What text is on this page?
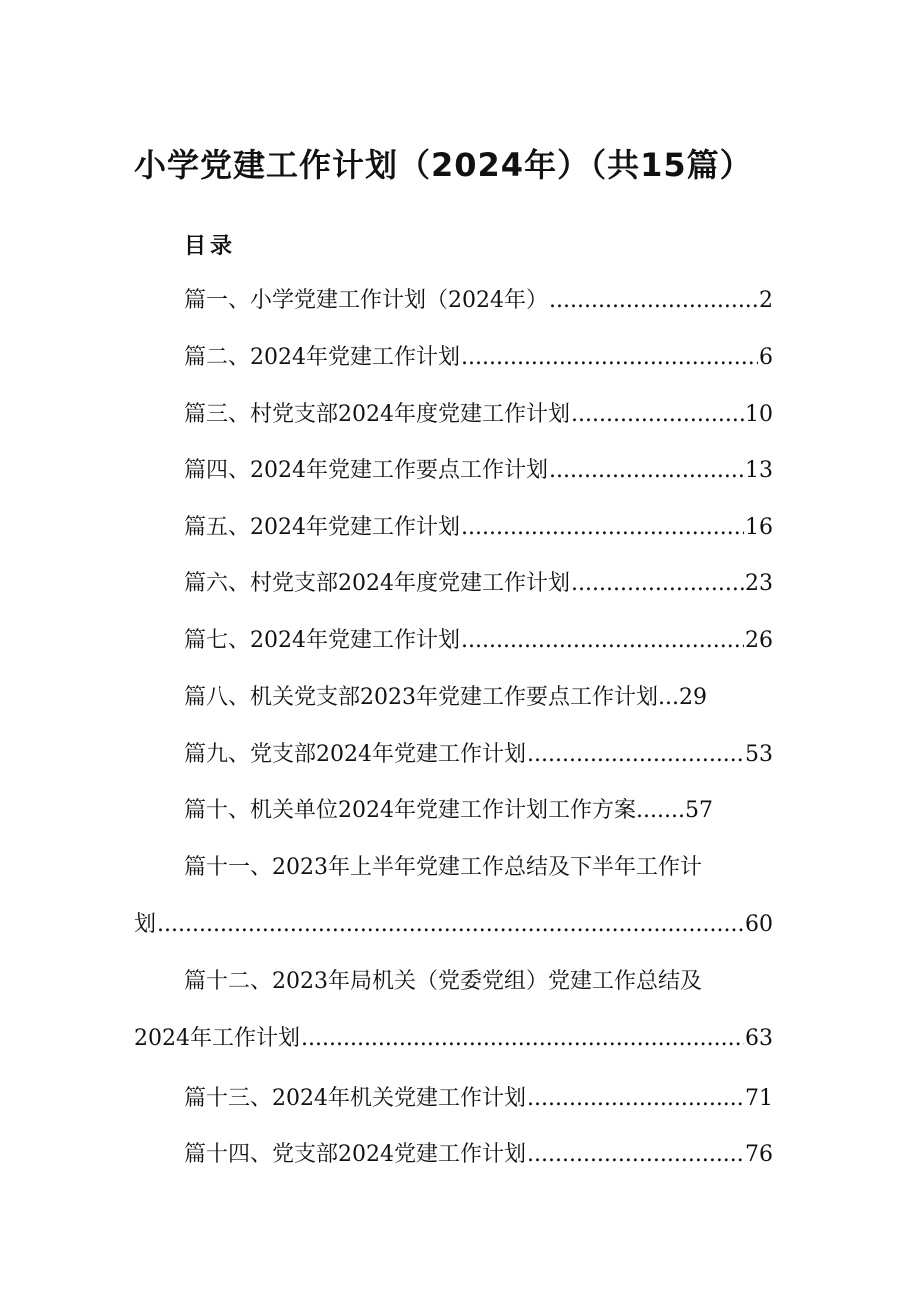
小学党建工作计划（2024年）（共15篇）
目录
篇一、小学党建工作计划（2024年） .....	2
篇二、2024年党建工作计划 .....	6
篇三、村党支部2024年度党建工作计划 .....	10
篇四、2024年党建工作要点工作计划 .....	13
篇五、2024年党建工作计划 .....	16
篇六、村党支部2024年度党建工作计划 .....	23
篇七、2024年党建工作计划 .....	26
篇八、机关党支部2023年党建工作要点工作计划... 29
篇九、党支部2024年党建工作计划 .....	53
篇十、机关单位2024年党建工作计划工作方案....... 57
篇十一、2023年上半年党建工作总结及下半年工作计
划 .....	60
篇十二、2023年局机关（党委党组）党建工作总结及
2024年工作计划 .....	63
篇十三、2024年机关党建工作计划 .....	71
篇十四、党支部2024党建工作计划 .....	76
